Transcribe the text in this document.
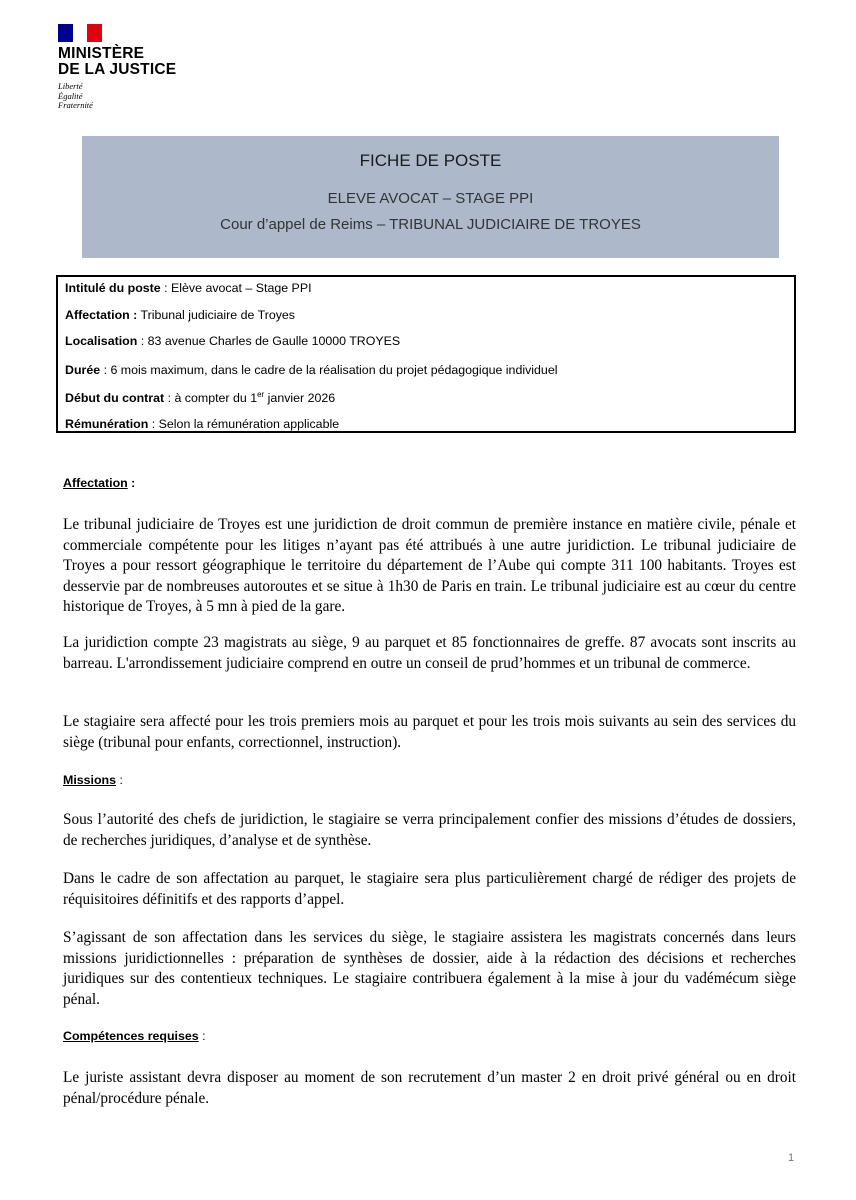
MINISTÈRE
DE LA JUSTICE
Liberté
Égalité
Fraternité
FICHE DE POSTE
ELEVE AVOCAT – STAGE PPI
Cour d’appel de Reims – TRIBUNAL JUDICIAIRE DE TROYES
Intitulé du poste : Elève avocat – Stage PPI
Affectation : Tribunal judiciaire de Troyes
Localisation : 83 avenue Charles de Gaulle 10000 TROYES
Durée : 6 mois maximum, dans le cadre de la réalisation du projet pédagogique individuel
Début du contrat : à compter du 1er janvier 2026
Rémunération : Selon la rémunération applicable
Affectation :
Le tribunal judiciaire de Troyes est une juridiction de droit commun de première instance en matière civile, pénale et commerciale compétente pour les litiges n’ayant pas été attribués à une autre juridiction. Le tribunal judiciaire de Troyes a pour ressort géographique le territoire du département de l’Aube qui compte 311 100 habitants. Troyes est desservie par de nombreuses autoroutes et se situe à 1h30 de Paris en train. Le tribunal judiciaire est au cœur du centre historique de Troyes, à 5 mn à pied de la gare.
La juridiction compte 23 magistrats au siège, 9 au parquet et 85 fonctionnaires de greffe. 87 avocats sont inscrits au barreau. L'arrondissement judiciaire comprend en outre un conseil de prud’hommes et un tribunal de commerce.
Le stagiaire sera affecté pour les trois premiers mois au parquet et pour les trois mois suivants au sein des services du siège (tribunal pour enfants, correctionnel, instruction).
Missions :
Sous l’autorité des chefs de juridiction, le stagiaire se verra principalement confier des missions d’études de dossiers, de recherches juridiques, d’analyse et de synthèse.
Dans le cadre de son affectation au parquet, le stagiaire sera plus particulièrement chargé de rédiger des projets de réquisitoires définitifs et des rapports d’appel.
S’agissant de son affectation dans les services du siège, le stagiaire assistera les magistrats concernés dans leurs missions juridictionnelles : préparation de synthèses de dossier, aide à la rédaction des décisions et recherches juridiques sur des contentieux techniques. Le stagiaire contribuera également à la mise à jour du vadémécum siège pénal.
Compétences requises :
Le juriste assistant devra disposer au moment de son recrutement d’un master 2 en droit privé général ou en droit pénal/procédure pénale.
1
